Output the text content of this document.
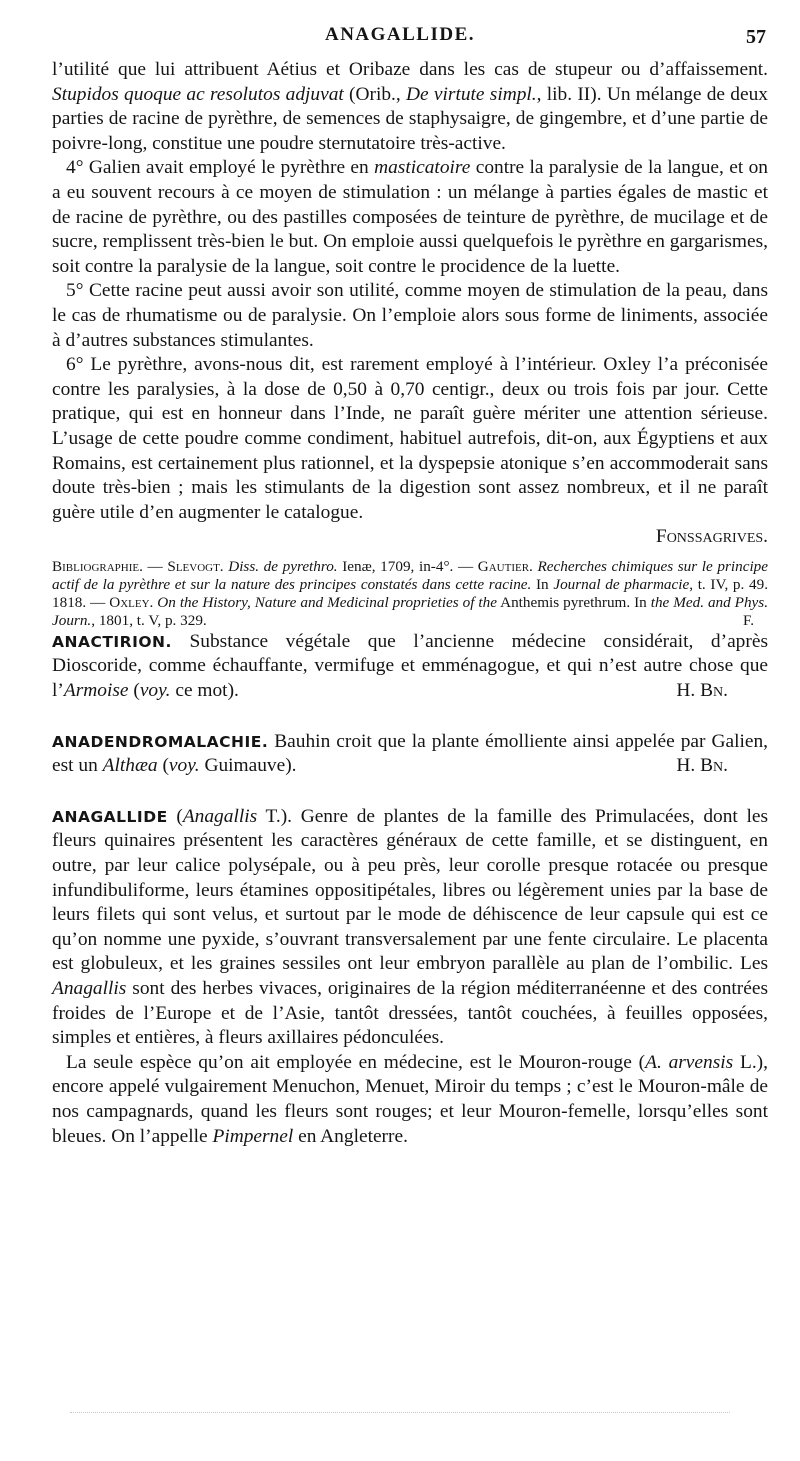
ANAGALLIDE.	57

l’utilité que lui attribuent Aétius et Oribaze dans les cas de stupeur ou d’affaissement. Stupidos quoque ac resolutos adjuvat (Orib., De virtute simpl., lib. II). Un mélange de deux parties de racine de pyrèthre, de semences de staphysaigre, de gingembre, et d’une partie de poivre-long, constitue une poudre sternutatoire très-active.

4° Galien avait employé le pyrèthre en masticatoire contre la paralysie de la langue, et on a eu souvent recours à ce moyen de stimulation : un mélange à parties égales de mastic et de racine de pyrèthre, ou des pastilles composées de teinture de pyrèthre, de mucilage et de sucre, remplissent très-bien le but. On emploie aussi quelquefois le pyrèthre en gargarismes, soit contre la paralysie de la langue, soit contre le procidence de la luette.

5° Cette racine peut aussi avoir son utilité, comme moyen de stimulation de la peau, dans le cas de rhumatisme ou de paralysie. On l’emploie alors sous forme de liniments, associée à d’autres substances stimulantes.

6° Le pyrèthre, avons-nous dit, est rarement employé à l’intérieur. Oxley l’a préconisée contre les paralysies, à la dose de 0,50 à 0,70 centigr., deux ou trois fois par jour. Cette pratique, qui est en honneur dans l’Inde, ne paraît guère mériter une attention sérieuse. L’usage de cette poudre comme condiment, habituel autrefois, dit-on, aux Égyptiens et aux Romains, est certainement plus rationnel, et la dyspepsie atonique s’en accommoderait sans doute très-bien ; mais les stimulants de la digestion sont assez nombreux, et il ne paraît guère utile d’en augmenter le catalogue.

Fonssagrives.

Bibliographie. — Slevogt. Diss. de pyrethro. Ienæ, 1709, in-4°. — Gautier. Recherches chimiques sur le principe actif de la pyrèthre et sur la nature des principes constatés dans cette racine. In Journal de pharmacie, t. IV, p. 49. 1818. — Oxley. On the History, Nature and Medicinal proprieties of the Anthemis pyrethrum. In the Med. and Phys. Journ., 1801, t. V, p. 329.	F.

ANACTIRION. Substance végétale que l’ancienne médecine considérait, d’après Dioscoride, comme échauffante, vermifuge et emménagogue, et qui n’est autre chose que l’Armoise (voy. ce mot).	H. Bn.

ANADENDROMALACHIE. Bauhin croit que la plante émolliente ainsi appelée par Galien, est un Althæa (voy. Guimauve).	H. Bn.

ANAGALLIDE (Anagallis T.). Genre de plantes de la famille des Primulacées, dont les fleurs quinaires présentent les caractères généraux de cette famille, et se distinguent, en outre, par leur calice polysépale, ou à peu près, leur corolle presque rotacée ou presque infundibuliforme, leurs étamines oppositipétales, libres ou légèrement unies par la base de leurs filets qui sont velus, et surtout par le mode de déhiscence de leur capsule qui est ce qu’on nomme une pyxide, s’ouvrant transversalement par une fente circulaire. Le placenta est globuleux, et les graines sessiles ont leur embryon parallèle au plan de l’ombilic. Les Anagallis sont des herbes vivaces, originaires de la région méditerranéenne et des contrées froides de l’Europe et de l’Asie, tantôt dressées, tantôt couchées, à feuilles opposées, simples et entières, à fleurs axillaires pédonculées.

La seule espèce qu’on ait employée en médecine, est le Mouron-rouge (A. arvensis L.), encore appelé vulgairement Menuchon, Menuet, Miroir du temps ; c’est le Mouron-mâle de nos campagnards, quand les fleurs sont rouges; et leur Mouron-femelle, lorsqu’elles sont bleues. On l’appelle Pimpernel en Angleterre.
